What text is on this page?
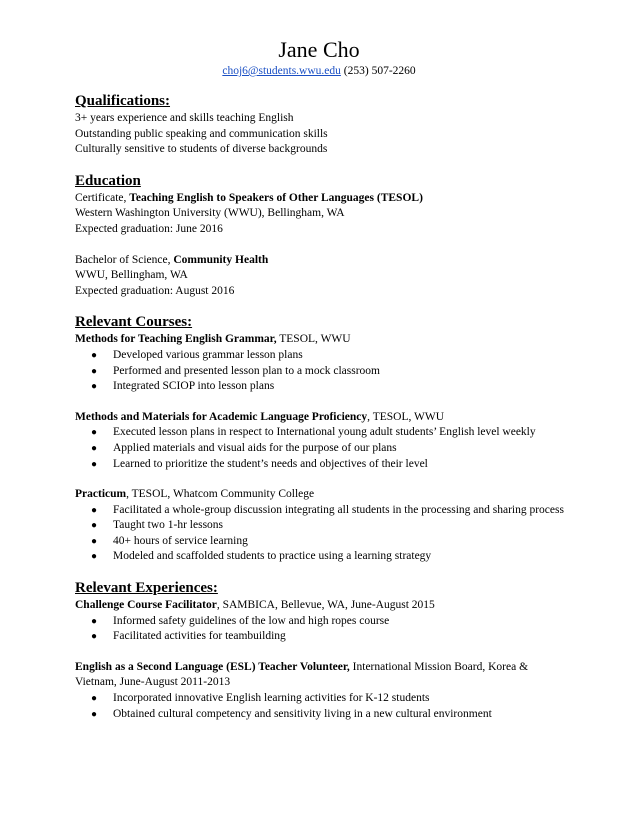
Jane Cho
choj6@students.wwu.edu (253) 507-2260
Qualifications:
3+ years experience and skills teaching English
Outstanding public speaking and communication skills
Culturally sensitive to students of diverse backgrounds
Education
Certificate, Teaching English to Speakers of Other Languages (TESOL)
Western Washington University (WWU), Bellingham, WA
Expected graduation: June 2016
Bachelor of Science, Community Health
WWU, Bellingham, WA
Expected graduation: August 2016
Relevant Courses:
Methods for Teaching English Grammar, TESOL, WWU
● Developed various grammar lesson plans
● Performed and presented lesson plan to a mock classroom
● Integrated SCIOP into lesson plans
Methods and Materials for Academic Language Proficiency, TESOL, WWU
● Executed lesson plans in respect to International young adult students’ English level weekly
● Applied materials and visual aids for the purpose of our plans
● Learned to prioritize the student’s needs and objectives of their level
Practicum, TESOL, Whatcom Community College
● Facilitated a whole-group discussion integrating all students in the processing and sharing process
● Taught two 1-hr lessons
● 40+ hours of service learning
● Modeled and scaffolded students to practice using a learning strategy
Relevant Experiences:
Challenge Course Facilitator, SAMBICA, Bellevue, WA, June-August 2015
● Informed safety guidelines of the low and high ropes course
● Facilitated activities for teambuilding
English as a Second Language (ESL) Teacher Volunteer, International Mission Board, Korea & Vietnam, June-August 2011-2013
● Incorporated innovative English learning activities for K-12 students
● Obtained cultural competency and sensitivity living in a new cultural environment
